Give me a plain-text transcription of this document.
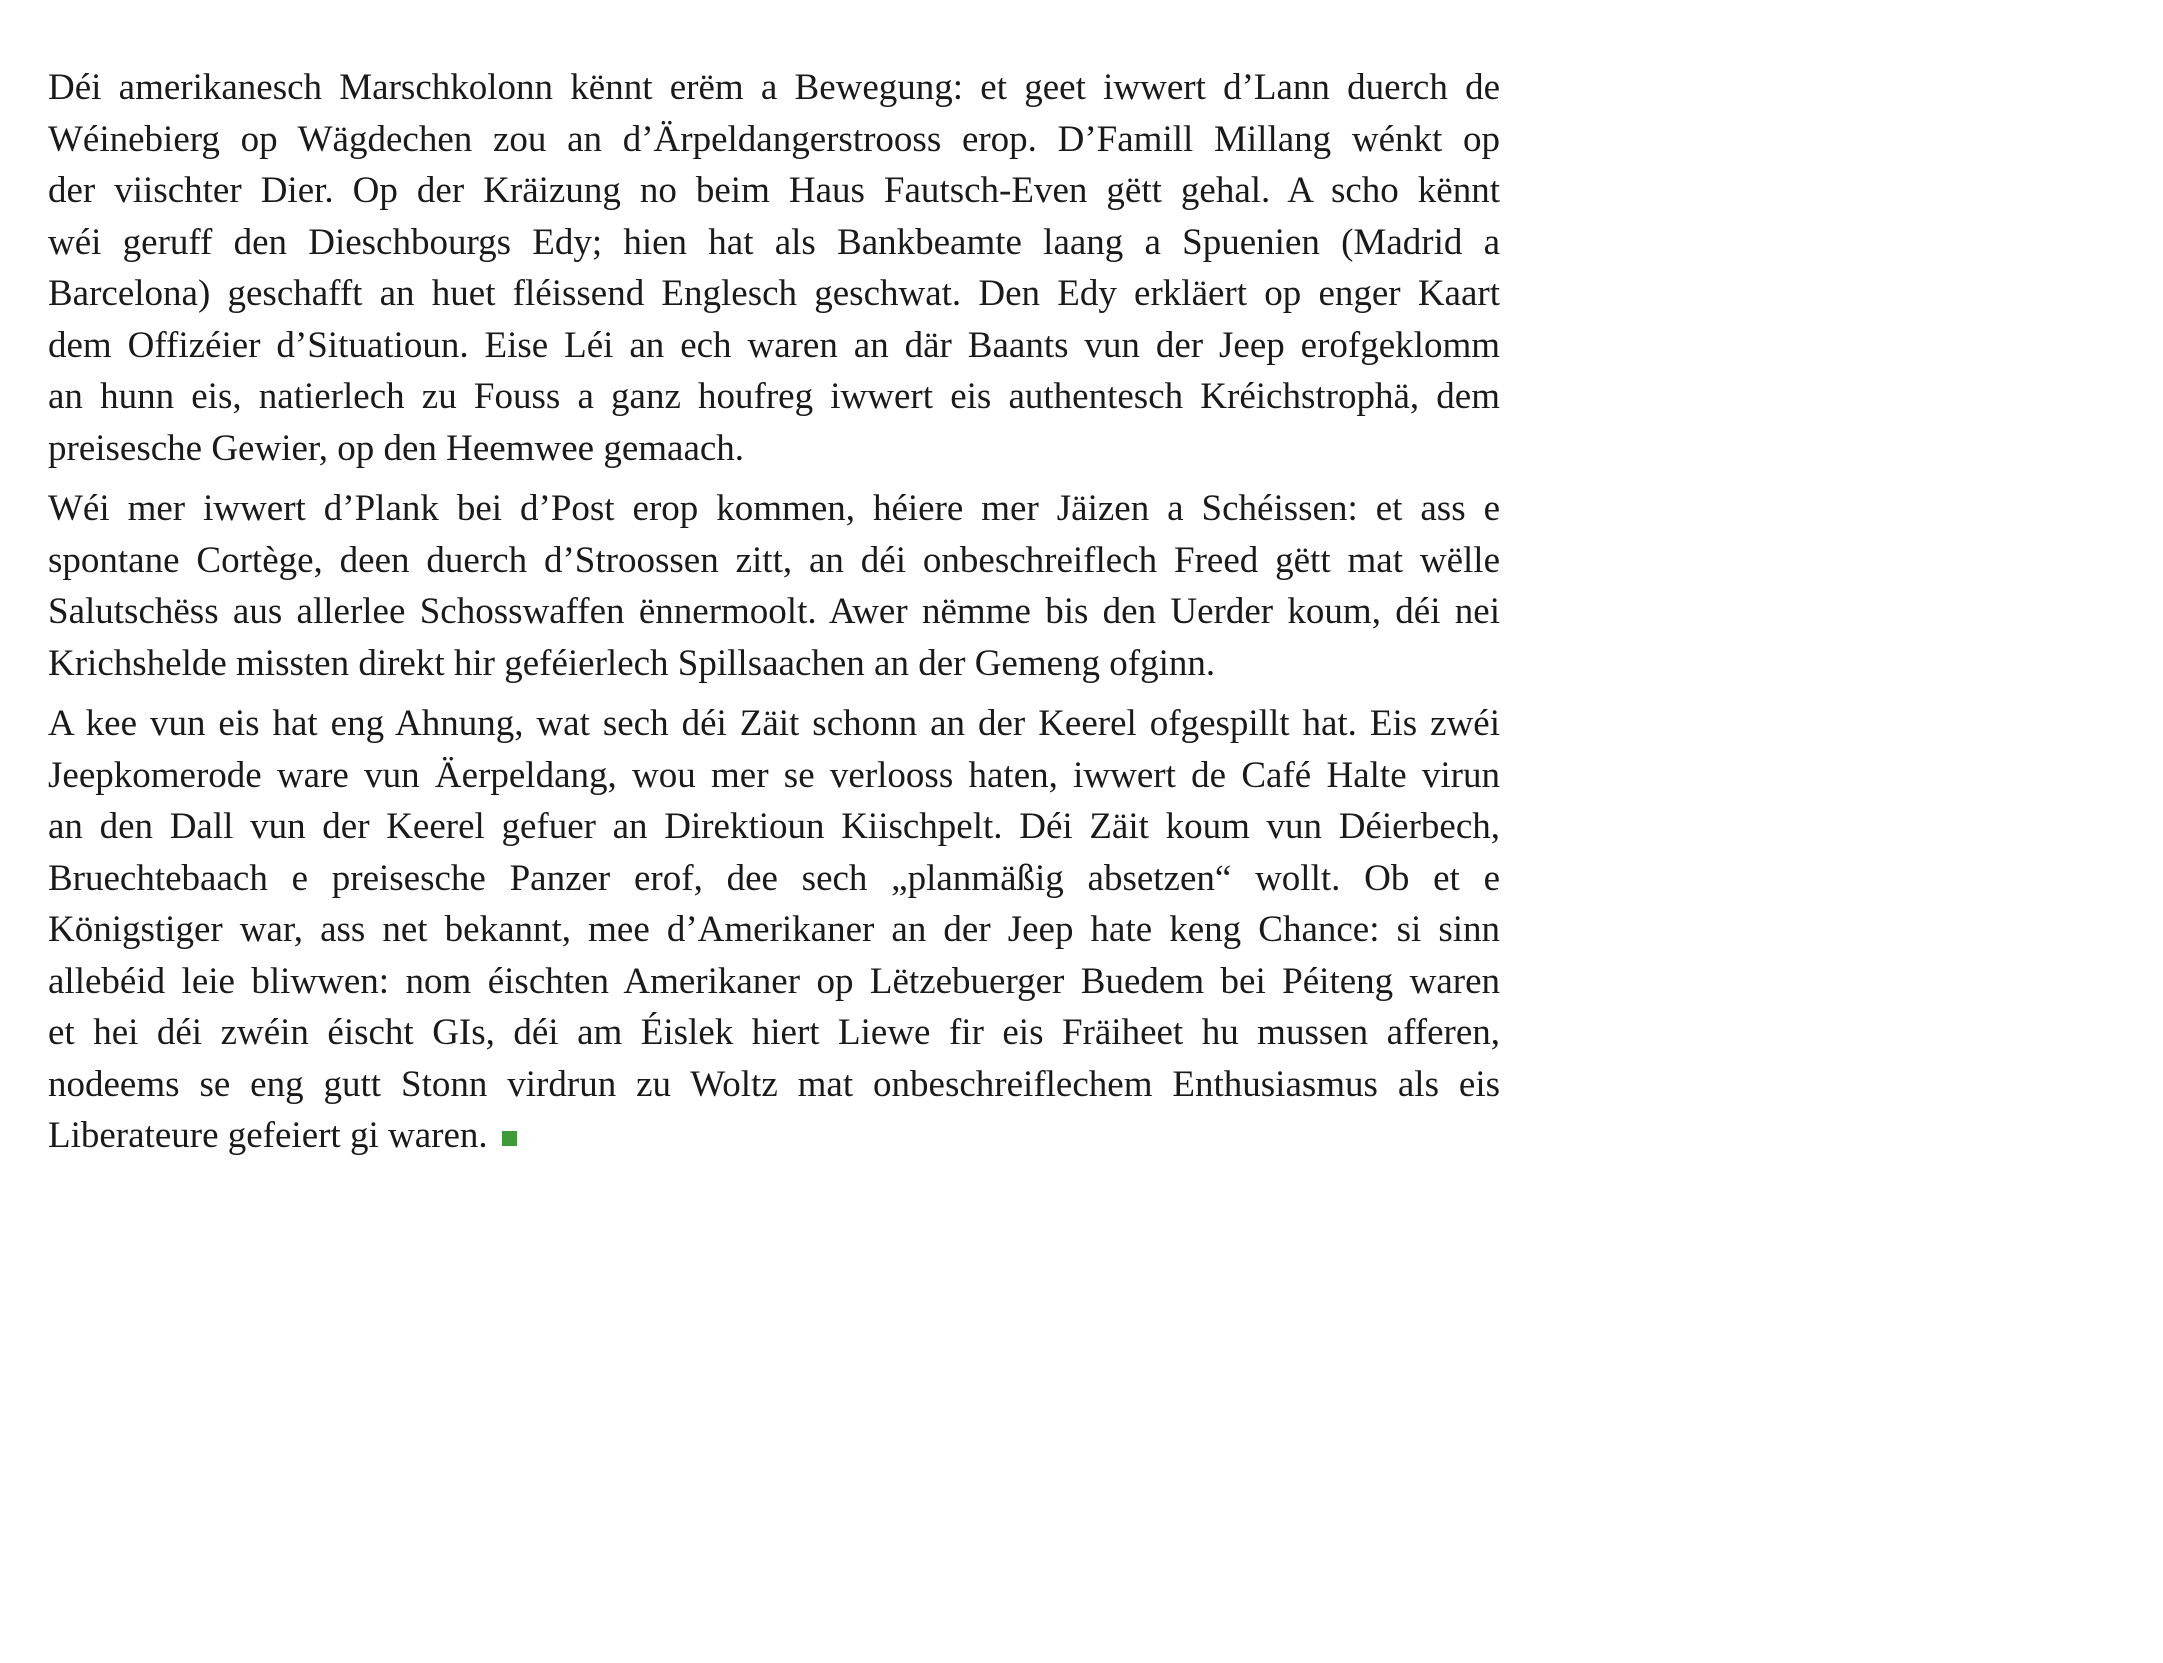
Déi amerikanesch Marschkolonn kënnt erëm a Bewegung: et geet iwwert d’Lann duerch de
Wéinebierg op Wägdechen zou an d’Ärpeldangerstrooss erop. D’Famill Millang wénkt op
der viischter Dier. Op der Kräizung no beim Haus Fautsch-Even gëtt gehal. A scho kënnt
wéi geruff den Dieschbourgs Edy; hien hat als Bankbeamte laang a Spuenien (Madrid a
Barcelona) geschafft an huet fléissend Englesch geschwat. Den Edy erkläert op enger Kaart
dem Offizéier d’Situatioun. Eise Léi an ech waren an där Baants vun der Jeep erofgeklomm
an hunn eis, natierlech zu Fouss a ganz houfreg iwwert eis authentesch Kréichstrophä, dem
preisesche Gewier, op den Heemwee gemaach.

Wéi mer iwwert d’Plank bei d’Post erop kommen, héiere mer Jäizen a Schéissen: et ass e
spontane Cortège, deen duerch d’Stroossen zitt, an déi onbeschreiflech Freed gëtt mat wëlle
Salutschëss aus allerlee Schosswaffen ënnermoolt. Awer nëmme bis den Uerder koum, déi nei
Krichshelde missten direkt hir geféierlech Spillsaachen an der Gemeng ofginn.

A kee vun eis hat eng Ahnung, wat sech déi Zäit schonn an der Keerel ofgespillt hat. Eis zwéi
Jeepkomerode ware vun Äerpeldang, wou mer se verlooss haten, iwwert de Café Halte virun
an den Dall vun der Keerel gefuer an Direktioun Kiischpelt. Déi Zäit koum vun Déierbech,
Bruechtebaach e preisesche Panzer erof, dee sech „planmäßig absetzen“ wollt. Ob et e
Königstiger war, ass net bekannt, mee d’Amerikaner an der Jeep hate keng Chance: si sinn
allebéid leie bliwwen: nom éischten Amerikaner op Lëtzebuerger Buedem bei Péiteng waren
et hei déi zwéin éischt GIs, déi am Éislek hiert Liewe fir eis Fräiheet hu mussen afferen,
nodeems se eng gutt Stonn virdrun zu Woltz mat onbeschreiflechem Enthusiasmus als eis
Liberateure gefeiert gi waren.
